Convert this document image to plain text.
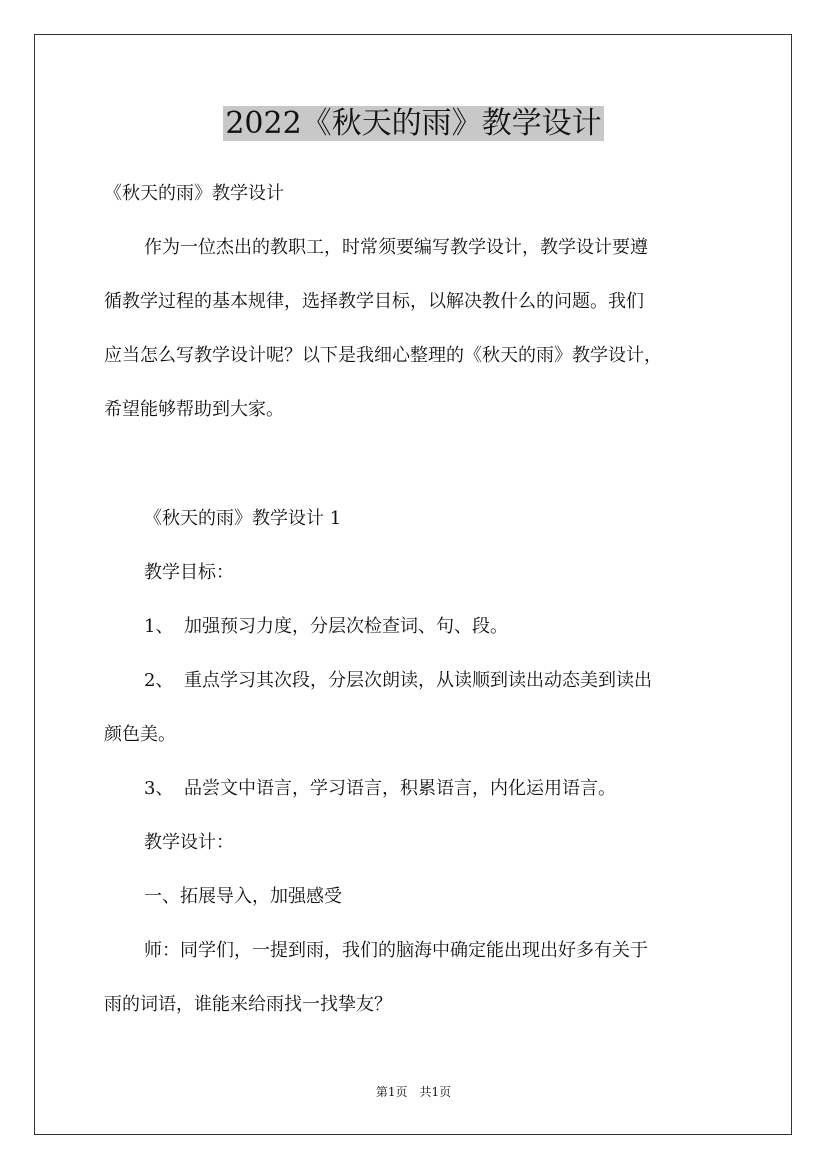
2022《秋天的雨》教学设计
《秋天的雨》教学设计
作为一位杰出的教职工，时常须要编写教学设计，教学设计要遵
循教学过程的基本规律，选择教学目标，以解决教什么的问题。我们
应当怎么写教学设计呢？以下是我细心整理的《秋天的雨》教学设计，
希望能够帮助到大家。
《秋天的雨》教学设计 1
教学目标：
1、 加强预习力度，分层次检查词、句、段。
2、 重点学习其次段，分层次朗读，从读顺到读出动态美到读出
颜色美。
3、 品尝文中语言，学习语言，积累语言，内化运用语言。
教学设计：
一、拓展导入，加强感受
师：同学们，一提到雨，我们的脑海中确定能出现出好多有关于
雨的词语，谁能来给雨找一找挚友？
第1页 共1页
